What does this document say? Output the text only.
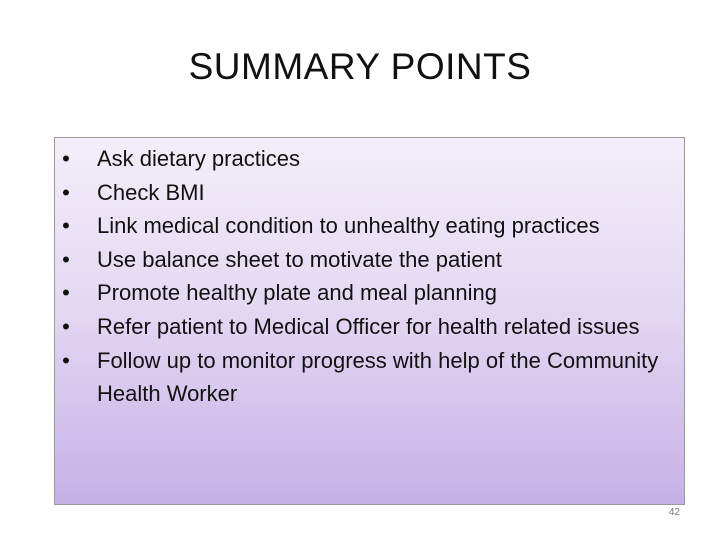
SUMMARY POINTS
• Ask dietary practices
• Check BMI
• Link medical condition to unhealthy eating practices
• Use balance sheet to motivate the patient
• Promote healthy plate and meal planning
• Refer patient to Medical Officer for health related issues
• Follow up to monitor progress with help of the Community Health Worker
42
